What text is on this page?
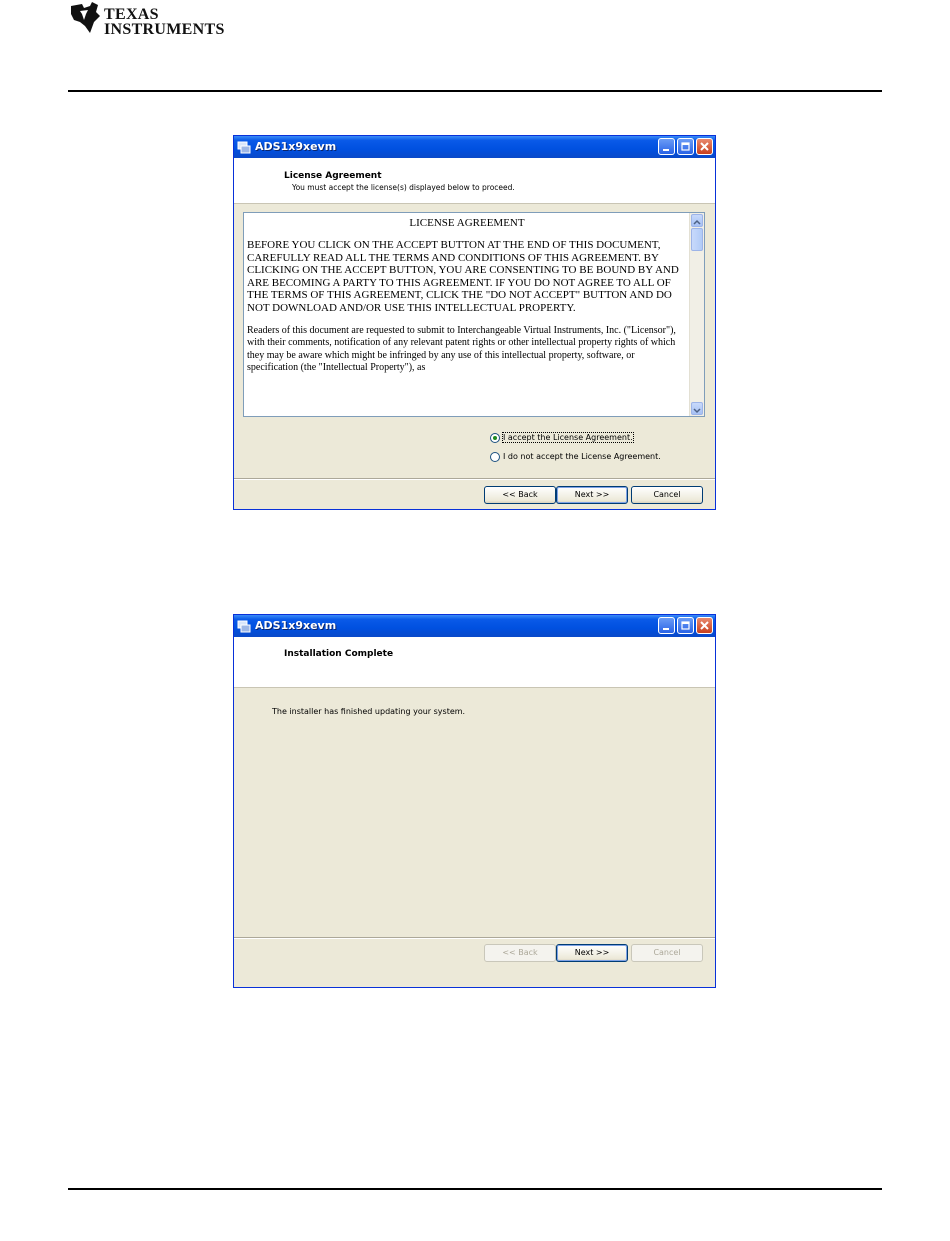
TEXAS
INSTRUMENTS
ADS1x9xevm
License Agreement
You must accept the license(s) displayed below to proceed.
LICENSE AGREEMENT
BEFORE YOU CLICK ON THE ACCEPT BUTTON AT THE END OF THIS DOCUMENT, CAREFULLY READ ALL THE TERMS AND CONDITIONS OF THIS AGREEMENT. BY CLICKING ON THE ACCEPT BUTTON, YOU ARE CONSENTING TO BE BOUND BY AND ARE BECOMING A PARTY TO THIS AGREEMENT. IF YOU DO NOT AGREE TO ALL OF THE TERMS OF THIS AGREEMENT, CLICK THE "DO NOT ACCEPT" BUTTON AND DO NOT DOWNLOAD AND/OR USE THIS INTELLECTUAL PROPERTY.
Readers of this document are requested to submit to Interchangeable Virtual Instruments, Inc. ("Licensor"), with their comments, notification of any relevant patent rights or other intellectual property rights of which they may be aware which might be infringed by any use of this intellectual property, software, or specification (the "Intellectual Property"), as
I accept the License Agreement.
I do not accept the License Agreement.
<< Back	Next >>	Cancel
ADS1x9xevm
Installation Complete
The installer has finished updating your system.
<< Back	Next >>	Cancel
